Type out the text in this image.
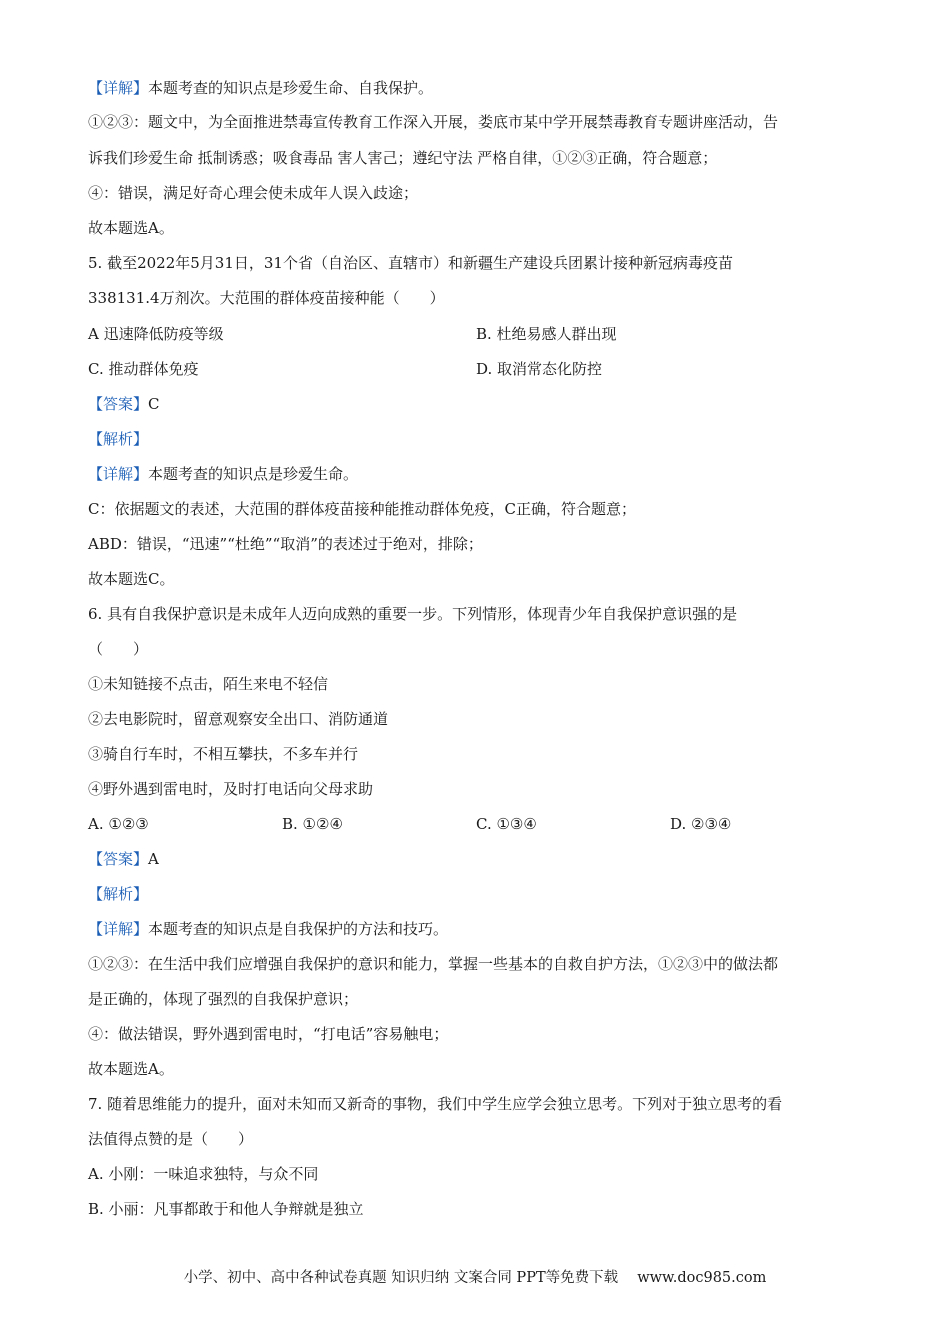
【详解】本题考查的知识点是珍爱生命、自我保护。
①②③：题文中，为全面推进禁毒宣传教育工作深入开展，娄底市某中学开展禁毒教育专题讲座活动，告
诉我们珍爱生命 抵制诱惑；吸食毒品 害人害己；遵纪守法 严格自律，①②③正确，符合题意；
④：错误，满足好奇心理会使未成年人误入歧途；
故本题选A。
5. 截至2022年5月31日，31个省（自治区、直辖市）和新疆生产建设兵团累计接种新冠病毒疫苗
338131.4万剂次。大范围的群体疫苗接种能（　　）
A 迅速降低防疫等级	B. 杜绝易感人群出现
C. 推动群体免疫	D. 取消常态化防控
【答案】C
【解析】
【详解】本题考查的知识点是珍爱生命。
C：依据题文的表述，大范围的群体疫苗接种能推动群体免疫，C正确，符合题意；
ABD：错误，“迅速”“杜绝”“取消”的表述过于绝对，排除；
故本题选C。
6. 具有自我保护意识是未成年人迈向成熟的重要一步。下列情形，体现青少年自我保护意识强的是
（　　）
①未知链接不点击，陌生来电不轻信
②去电影院时，留意观察安全出口、消防通道
③骑自行车时，不相互攀扶，不多车并行
④野外遇到雷电时，及时打电话向父母求助
A. ①②③	B. ①②④	C. ①③④	D. ②③④
【答案】A
【解析】
【详解】本题考查的知识点是自我保护的方法和技巧。
①②③：在生活中我们应增强自我保护的意识和能力，掌握一些基本的自救自护方法，①②③中的做法都
是正确的，体现了强烈的自我保护意识；
④：做法错误，野外遇到雷电时，“打电话”容易触电；
故本题选A。
7. 随着思维能力的提升，面对未知而又新奇的事物，我们中学生应学会独立思考。下列对于独立思考的看
法值得点赞的是（　　）
A. 小刚：一味追求独特，与众不同
B. 小丽：凡事都敢于和他人争辩就是独立
小学、初中、高中各种试卷真题 知识归纳 文案合同 PPT等免费下载　 www.doc985.com
